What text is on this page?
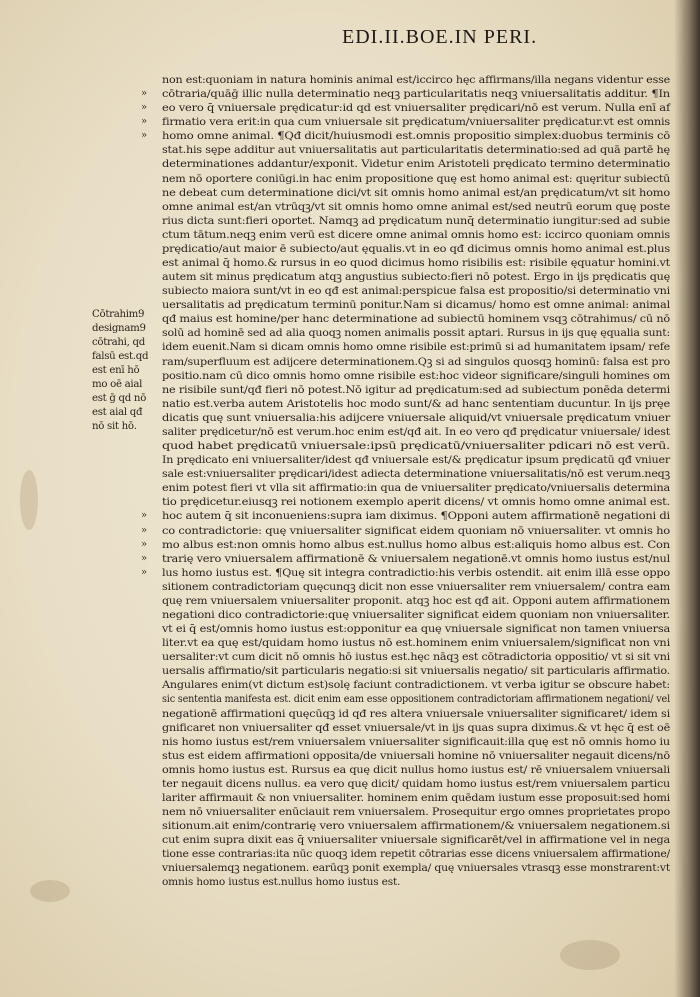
EDI.II.BOE.IN PERI.
Cōtrahim9
designam9
cōtrahi, qd
falsū est.qd
est enī hō
mo oē aial
est ḡ qd nō
est aial qđ
nō sit hō.
non est:quoniam in natura hominis animal est/iccirco hęc affirmans/illa negans videntur esse
» cōtraria/quāḡ illic nulla determinatio neqꝫ particularitatis neqꝫ vniuersalitatis additur. ¶In
» eo vero q̄ vniuersale prędicatur:id qd est vniuersaliter prędicari/nō est verum. Nulla enī af
» firmatio vera erit:in qua cum vniuersale sit prędicatum/vniuersaliter prędicatur.vt est omnis
» homo omne animal. ¶Qđ dicit/huiusmodi est.omnis propositio simplex:duobus terminis cō
stat.his sępe additur aut vniuersalitatis aut particularitatis determinatio:sed ad quā partē hę
determinationes addantur/exponit. Videtur enim Aristoteli prędicato termino determinatio
nem nō oportere coniūgi.in hac enim propositione quę est homo animal est: quęritur subiectū
ne debeat cum determinatione dici/vt sit omnis homo animal est/an prędicatum/vt sit homo
omne animal est/an vtrūqꝫ/vt sit omnis homo omne animal est/sed neutrū eorum quę poste
rius dicta sunt:fieri oportet. Namqꝫ ad prędicatum nunq̄ determinatio iungitur:sed ad subie
ctum tātum.neqꝫ enim verū est dicere omne animal omnis homo est: iccirco quoniam omnis
prędicatio/aut maior ē subiecto/aut ęqualis.vt in eo qđ dicimus omnis homo animal est.plus
est animal q̄ homo.& rursus in eo quod dicimus homo risibilis est: risibile ęquatur homini.vt
autem sit minus prędicatum atqꝫ angustius subiecto:fieri nō potest. Ergo in ijs prędicatis quę
subiecto maiora sunt/vt in eo qđ est animal:perspicue falsa est propositio/si determinatio vni
uersalitatis ad prędicatum terminū ponitur.Nam si dicamus/ homo est omne animal: animal
qđ maius est homine/per hanc determinatione ad subiectū hominem vsqꝫ cōtrahimus/ cū nō
solū ad hominē sed ad alia quoqꝫ nomen animalis possit aptari. Rursus in ijs quę ęqualia sunt:
idem euenit.Nam si dicam omnis homo omne risibile est:primū si ad humanitatem ipsam/ refe
ram/superfluum est adijcere determinationem.Qꝫ si ad singulos quosqꝫ hominū: falsa est pro
positio.nam cū dico omnis homo omne risibile est:hoc videor significare/singuli homines om
ne risibile sunt/qđ fieri nō potest.Nō igitur ad prędicatum:sed ad subiectum ponēda determi
natio est.verba autem Aristotelis hoc modo sunt/& ad hanc sententiam ducuntur. In ijs pręe
dicatis quę sunt vniuersalia:his adijcere vniuersale aliquid/vt vniuersale prędicatum vniuer
saliter prędicetur/nō est verum.hoc enim est/qđ ait. In eo vero qđ prędicatur vniuersale/ idest
quod habet prędicatū vniuersale:ipsū prędicatū/vniuersaliter pdicari nō est verū.
In prędicato eni vniuersaliter/idest qđ vniuersale est/& prędicatur ipsum prędicatū qđ vniuer
sale est:vniuersaliter prędicari/idest adiecta determinatione vniuersalitatis/nō est verum.neqꝫ
enim potest fieri vt vlla sit affirmatio:in qua de vniuersaliter prędicato/vniuersalis determina
tio prędicetur.eiusqꝫ rei notionem exemplo aperit dicens/ vt omnis homo omne animal est.
» hoc autem q̄ sit inconueniens:supra iam diximus. ¶Opponi autem affirmationē negationi di
» co contradictorie: quę vniuersaliter significat eidem quoniam nō vniuersaliter. vt omnis ho
» mo albus est:non omnis homo albus est.nullus homo albus est:aliquis homo albus est. Con
» trarię vero vniuersalem affirmationē & vniuersalem negationē.vt omnis homo iustus est/nul
» lus homo iustus est. ¶Quę sit integra contradictio:his verbis ostendit. ait enim illā esse oppo
sitionem contradictoriam quęcunqꝫ dicit non esse vniuersaliter rem vniuersalem/ contra eam
quę rem vniuersalem vniuersaliter proponit. atqꝫ hoc est qđ ait. Opponi autem affirmationem
negationi dico contradictorie:quę vniuersaliter significat eidem quoniam non vniuersaliter.
vt ei q̄ est/omnis homo iustus est:opponitur ea quę vniuersale significat non tamen vniuersa
liter.vt ea quę est/quidam homo iustus nō est.hominem enim vniuersalem/significat non vni
uersaliter:vt cum dicit nō omnis hō iustus est.hęc nāqꝫ est cōtradictoria oppositio/ vt si sit vni
uersalis affirmatio/sit particularis negatio:si sit vniuersalis negatio/ sit particularis affirmatio.
Angulares enim(vt dictum est)solę faciunt contradictionem. vt verba igitur se obscure habet:
sic sententia manifesta est. dicit enim eam esse oppositionem contradictoriam affirmationem negationi/ vel
negationē affirmationi quęcūqꝫ id qđ res altera vniuersale vniuersaliter significaret/ idem si
gnificaret non vniuersaliter qđ esset vniuersale/vt in ijs quas supra diximus.& vt hęc q̄ est oē
nis homo iustus est/rem vniuersalem vniuersaliter significauit:illa quę est nō omnis homo iu
stus est eidem affirmationi opposita/de vniuersali homine nō vniuersaliter negauit dicens/nō
omnis homo iustus est. Rursus ea quę dicit nullus homo iustus est/ rē vniuersalem vniuersali
ter negauit dicens nullus. ea vero quę dicit/ quidam homo iustus est/rem vniuersalem particu
lariter affirmauit & non vniuersaliter. hominem enim quēdam iustum esse proposuit:sed homi
nem nō vniuersaliter enūciauit rem vniuersalem. Prosequitur ergo omnes proprietates propo
sitionum.ait enim/contrarię vero vniuersalem affirmationem/& vniuersalem negationem.si
cut enim supra dixit eas q̄ vniuersaliter vniuersale significarēt/vel in affirmatione vel in nega
tione esse contrarias:ita nūc quoqꝫ idem repetit cōtrarias esse dicens vniuersalem affirmatione/
vniuersalemqꝫ negationem. earūqꝫ ponit exempla/ quę vniuersales vtrasqꝫ esse monstrarent:vt
omnis homo iustus est.nullus homo iustus est.
